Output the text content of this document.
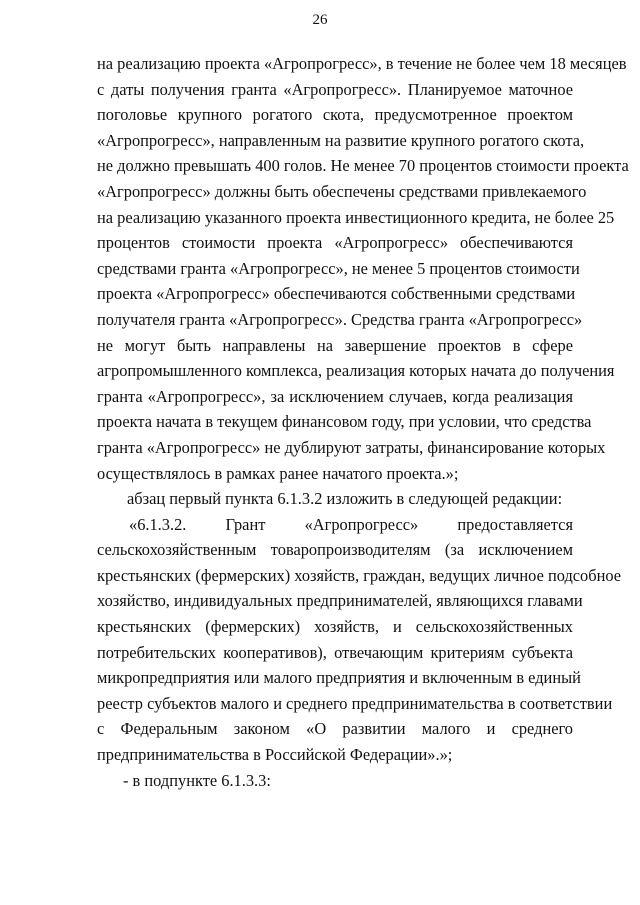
26
на реализацию проекта «Агропрогресс», в течение не более чем 18 месяцев
с даты получения гранта «Агропрогресс». Планируемое маточное
поголовье крупного рогатого скота, предусмотренное проектом
«Агропрогресс», направленным на развитие крупного рогатого скота,
не должно превышать 400 голов. Не менее 70 процентов стоимости проекта
«Агропрогресс» должны быть обеспечены средствами привлекаемого
на реализацию указанного проекта инвестиционного кредита, не более 25
процентов стоимости проекта «Агропрогресс» обеспечиваются
средствами гранта «Агропрогресс», не менее 5 процентов стоимости
проекта «Агропрогресс» обеспечиваются собственными средствами
получателя гранта «Агропрогресс». Средства гранта «Агропрогресс»
не могут быть направлены на завершение проектов в сфере
агропромышленного комплекса, реализация которых начата до получения
гранта «Агропрогресс», за исключением случаев, когда реализация
проекта начата в текущем финансовом году, при условии, что средства
гранта «Агропрогресс» не дублируют затраты, финансирование которых
осуществлялось в рамках ранее начатого проекта.»;
абзац первый пункта 6.1.3.2 изложить в следующей редакции:
«6.1.3.2. Грант «Агропрогресс» предоставляется
сельскохозяйственным товаропроизводителям (за исключением
крестьянских (фермерских) хозяйств, граждан, ведущих личное подсобное
хозяйство, индивидуальных предпринимателей, являющихся главами
крестьянских (фермерских) хозяйств, и сельскохозяйственных
потребительских кооперативов), отвечающим критериям субъекта
микропредприятия или малого предприятия и включенным в единый
реестр субъектов малого и среднего предпринимательства в соответствии
с Федеральным законом «О развитии малого и среднего
предпринимательства в Российской Федерации».»;
- в подпункте 6.1.3.3:
